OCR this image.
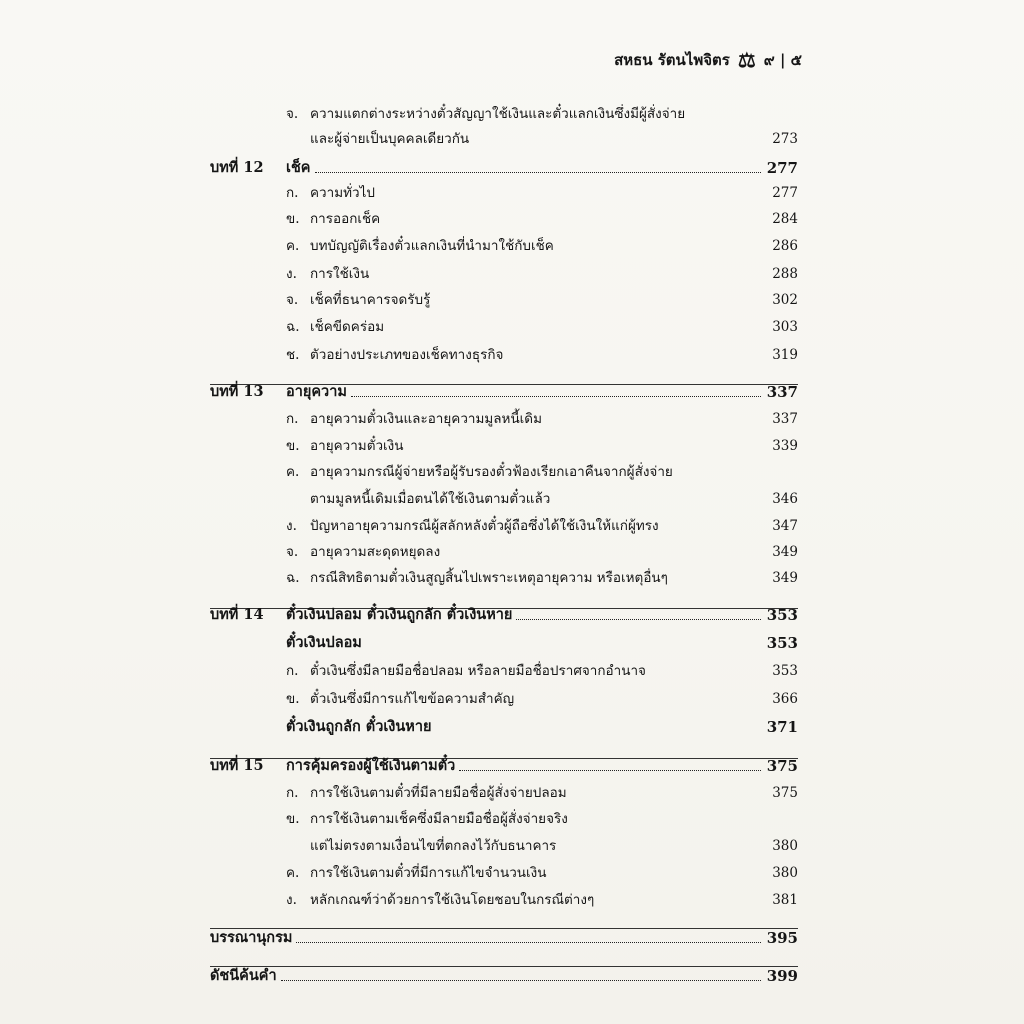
สหธน รัตนไพจิตร ⚖ ๙ | ๕
จ. ความแตกต่างระหว่างตั๋วสัญญาใช้เงินและตั๋วแลกเงินซึ่งมีผู้สั่งจ่าย
และผู้จ่ายเป็นบุคคลเดียวกัน	273
บทที่ 12	เช็ค	277
ก. ความทั่วไป	277
ข. การออกเช็ค	284
ค. บทบัญญัติเรื่องตั๋วแลกเงินที่นำมาใช้กับเช็ค	286
ง. การใช้เงิน	288
จ. เช็คที่ธนาคารจดรับรู้	302
ฉ. เช็คขีดคร่อม	303
ช. ตัวอย่างประเภทของเช็คทางธุรกิจ	319
บทที่ 13	อายุความ	337
ก. อายุความตั๋วเงินและอายุความมูลหนี้เดิม	337
ข. อายุความตั๋วเงิน	339
ค. อายุความกรณีผู้จ่ายหรือผู้รับรองตั๋วฟ้องเรียกเอาคืนจากผู้สั่งจ่าย
ตามมูลหนี้เดิมเมื่อตนได้ใช้เงินตามตั๋วแล้ว	346
ง. ปัญหาอายุความกรณีผู้สลักหลังตั๋วผู้ถือซึ่งได้ใช้เงินให้แก่ผู้ทรง	347
จ. อายุความสะดุดหยุดลง	349
ฉ. กรณีสิทธิตามตั๋วเงินสูญสิ้นไปเพราะเหตุอายุความ หรือเหตุอื่นๆ	349
บทที่ 14	ตั๋วเงินปลอม ตั๋วเงินถูกลัก ตั๋วเงินหาย	353
ตั๋วเงินปลอม	353
ก. ตั๋วเงินซึ่งมีลายมือชื่อปลอม หรือลายมือชื่อปราศจากอำนาจ	353
ข. ตั๋วเงินซึ่งมีการแก้ไขข้อความสำคัญ	366
ตั๋วเงินถูกลัก ตั๋วเงินหาย	371
บทที่ 15	การคุ้มครองผู้ใช้เงินตามตั๋ว	375
ก. การใช้เงินตามตั๋วที่มีลายมือชื่อผู้สั่งจ่ายปลอม	375
ข. การใช้เงินตามเช็คซึ่งมีลายมือชื่อผู้สั่งจ่ายจริง
แต่ไม่ตรงตามเงื่อนไขที่ตกลงไว้กับธนาคาร	380
ค. การใช้เงินตามตั๋วที่มีการแก้ไขจำนวนเงิน	380
ง. หลักเกณฑ์ว่าด้วยการใช้เงินโดยชอบในกรณีต่างๆ	381
บรรณานุกรม	395
ดัชนีค้นคำ	399
